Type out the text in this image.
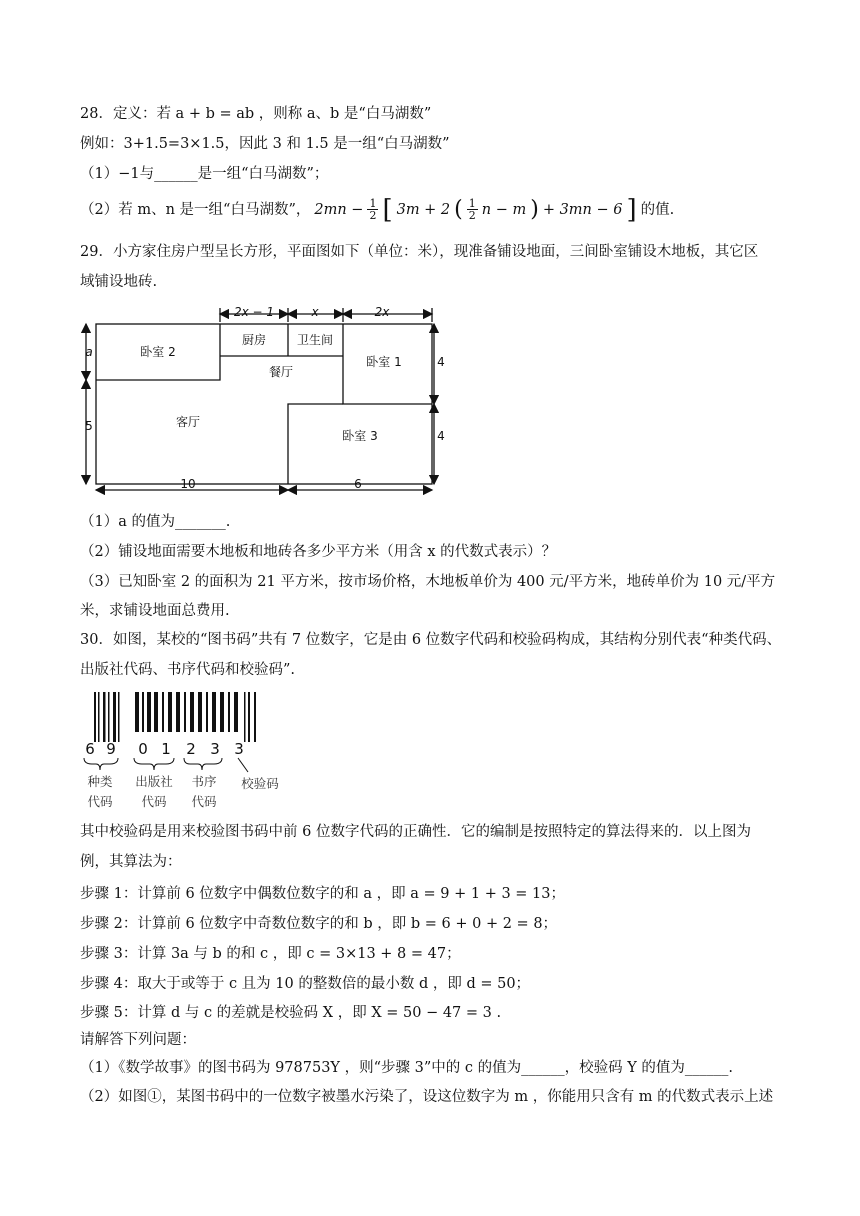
28．定义：若 a + b = ab ，则称 a、b 是“白马湖数”
例如：3+1.5=3×1.5，因此 3 和 1.5 是一组“白马湖数”
（1）−1与______是一组“白马湖数”；
（2）若 m、n 是一组“白马湖数”， $2mn - \frac{1}{2}$ [ 3m + 2 ( $\frac{1}{2}$ n − m ) + 3mn − 6 ] 的值.
29．小方家住房户型呈长方形，平面图如下（单位：米），现准备铺设地面，三间卧室铺设木地板，其它区
域铺设地砖.
2x − 1	x	2x
a
5
4
4
10	6
卧室 2
厨房	卫生间
卧室 1
餐厅
客厅
卧室 3
（1）a 的值为_______.
（2）铺设地面需要木地板和地砖各多少平方米（用含 x 的代数式表示）？
（3）已知卧室 2 的面积为 21 平方米，按市场价格，木地板单价为 400 元/平方米，地砖单价为 10 元/平方
米，求铺设地面总费用.
30．如图，某校的“图书码”共有 7 位数字，它是由 6 位数字代码和校验码构成，其结构分别代表“种类代码、
出版社代码、书序代码和校验码”.
6 9 0 1 2 3 3
种类
代码
出版社
代码
书序
代码
校验码
其中校验码是用来校验图书码中前 6 位数字代码的正确性．它的编制是按照特定的算法得来的．以上图为
例，其算法为：
步骤 1：计算前 6 位数字中偶数位数字的和 a ，即 a = 9 + 1 + 3 = 13；
步骤 2：计算前 6 位数字中奇数位数字的和 b ，即 b = 6 + 0 + 2 = 8；
步骤 3：计算 3a 与 b 的和 c ，即 c = 3×13 + 8 = 47；
步骤 4：取大于或等于 c 且为 10 的整数倍的最小数 d ，即 d = 50；
步骤 5：计算 d 与 c 的差就是校验码 X ，即 X = 50 − 47 = 3 .
请解答下列问题：
（1）《数学故事》的图书码为 978753Y ，则“步骤 3”中的 c 的值为______，校验码 Y 的值为______.
（2）如图①，某图书码中的一位数字被墨水污染了，设这位数字为 m ，你能用只含有 m 的代数式表示上述
